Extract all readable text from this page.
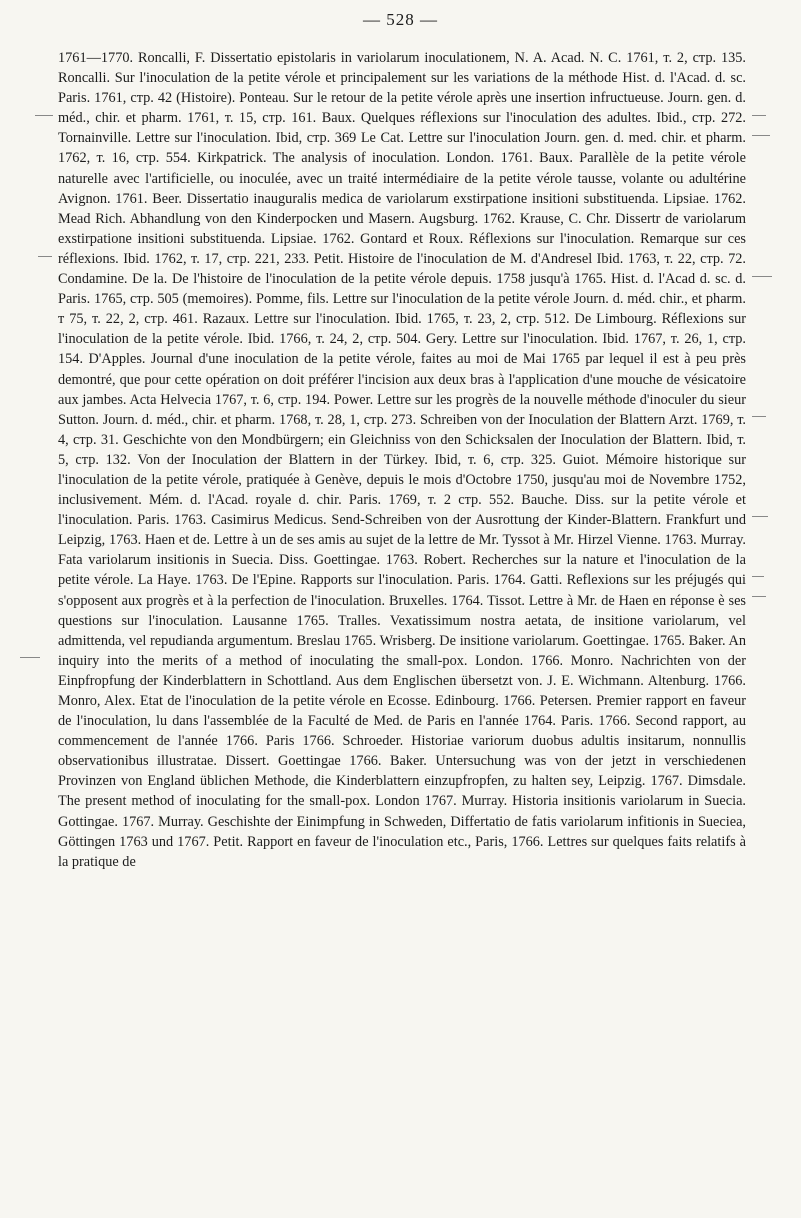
— 528 —
1761—1770. Roncalli, F. Dissertatio epistolaris in variolarum inoculationem, N. A. Acad. N. C. 1761, т. 2, стр. 135. Roncalli. Sur l'inoculation de la petite vérole et principalement sur les variations de la méthode Hist. d. l'Acad. d. sc. Paris. 1761, стр. 42 (Histoire). Ponteau. Sur le retour de la petite vérole après une insertion infructueuse. Journ. gen. d. méd., chir. et pharm. 1761, т. 15, стр. 161. Baux. Quelques réflexions sur l'inoculation des adultes. Ibid., стр. 272. Tornainville. Lettre sur l'inoculation. Ibid, стр. 369 Le Cat. Lettre sur l'inoculation Journ. gen. d. med. chir. et pharm. 1762, т. 16, стр. 554. Kirkpatrick. The analysis of inoculation. London. 1761. Baux. Parallèle de la petite vérole naturelle avec l'artificielle, ou inoculée, avec un traité intermédiaire de la petite vérole tausse, volante ou adultérine Avignon. 1761. Beer. Dissertatio inauguralis medica de variolarum exstirpatione insitioni substituenda. Lipsiae. 1762. Mead Rich. Abhandlung von den Kinderpocken und Masern. Augsburg. 1762. Krause, C. Chr. Dissertr de variolarum exstirpatione insitioni substituenda. Lipsiae. 1762. Gontard et Roux. Réflexions sur l'inoculation. Remarque sur ces réflexions. Ibid. 1762, т. 17, стр. 221, 233. Petit. Histoire de l'inoculation de M. d'Andresel Ibid. 1763, т. 22, стр. 72. Condamine. De la. De l'histoire de l'inoculation de la petite vérole depuis. 1758 jusqu'à 1765. Hist. d. l'Acad d. sc. d. Paris. 1765, стр. 505 (memoires). Pomme, fils. Lettre sur l'inoculation de la petite vérole Journ. d. méd. chir., et pharm. т 75, т. 22, 2, стр. 461. Razaux. Lettre sur l'inoculation. Ibid. 1765, т. 23, 2, стр. 512. De Limbourg. Réflexions sur l'inoculation de la petite vérole. Ibid. 1766, т. 24, 2, стр. 504. Gery. Lettre sur l'inoculation. Ibid. 1767, т. 26, 1, стр. 154. D'Apples. Journal d'une inoculation de la petite vérole, faites au moi de Mai 1765 par lequel il est à peu près demontré, que pour cette opération on doit préférer l'incision aux deux bras à l'application d'une mouche de vésicatoire aux jambes. Acta Helvecia 1767, т. 6, стр. 194. Power. Lettre sur les progrès de la nouvelle méthode d'inoculer du sieur Sutton. Journ. d. méd., chir. et pharm. 1768, т. 28, 1, стр. 273. Schreiben von der Inoculation der Blattern Arzt. 1769, т. 4, стр. 31. Geschichte von den Mondbürgern; ein Gleichniss von den Schicksalen der Inoculation der Blattern. Ibid, т. 5, стр. 132. Von der Inoculation der Blattern in der Türkey. Ibid, т. 6, стр. 325. Guiot. Mémoire historique sur l'inoculation de la petite vérole, pratiquée à Genève, depuis le mois d'Octobre 1750, jusqu'au moi de Novembre 1752, inclusivement. Mém. d. l'Acad. royale d. chir. Paris. 1769, т. 2 стр. 552. Bauche. Diss. sur la petite vérole et l'inoculation. Paris. 1763. Casimirus Medicus. Send-Schreiben von der Ausrottung der Kinder-Blattern. Frankfurt und Leipzig, 1763. Haen et de. Lettre à un de ses amis au sujet de la lettre de Mr. Tyssot à Mr. Hirzel Vienne. 1763. Murray. Fata variolarum insitionis in Suecia. Diss. Goettingae. 1763. Robert. Recherches sur la nature et l'inoculation de la petite vérole. La Haye. 1763. De l'Epine. Rapports sur l'inoculation. Paris. 1764. Gatti. Reflexions sur les préjugés qui s'opposent aux progrès et à la perfection de l'inoculation. Bruxelles. 1764. Tissot. Lettre à Mr. de Haen en réponse è ses questions sur l'inoculation. Lausanne 1765. Tralles. Vexatissimum nostra aetata, de insitione variolarum, vel admittenda, vel repudianda argumentum. Breslau 1765. Wrisberg. De insitione variolarum. Goettingae. 1765. Baker. An inquiry into the merits of a method of inoculating the small-pox. London. 1766. Monro. Nachrichten von der Einpfropfung der Kinderblattern in Schottland. Aus dem Englischen übersetzt von. J. E. Wichmann. Altenburg. 1766. Monro, Alex. Etat de l'inoculation de la petite vérole en Ecosse. Edinbourg. 1766. Petersen. Premier rapport en faveur de l'inoculation, lu dans l'assemblée de la Faculté de Med. de Paris en l'année 1764. Paris. 1766. Second rapport, au commencement de l'année 1766. Paris 1766. Schroeder. Historiae variorum duobus adultis insitarum, nonnullis observationibus illustratae. Dissert. Goettingae 1766. Baker. Untersuchung was von der jetzt in verschiedenen Provinzen von England üblichen Methode, die Kinderblattern einzupfropfen, zu halten sey, Leipzig. 1767. Dimsdale. The present method of inoculating for the small-pox. London 1767. Murray. Historia insitionis variolarum in Suecia. Gottingae. 1767. Murray. Geschishte der Einimpfung in Schweden, Differtatio de fatis variolarum infitionis in Sueciea, Göttingen 1763 und 1767. Petit. Rapport en faveur de l'inoculation etc., Paris, 1766. Lettres sur quelques faits relatifs à la pratique de
